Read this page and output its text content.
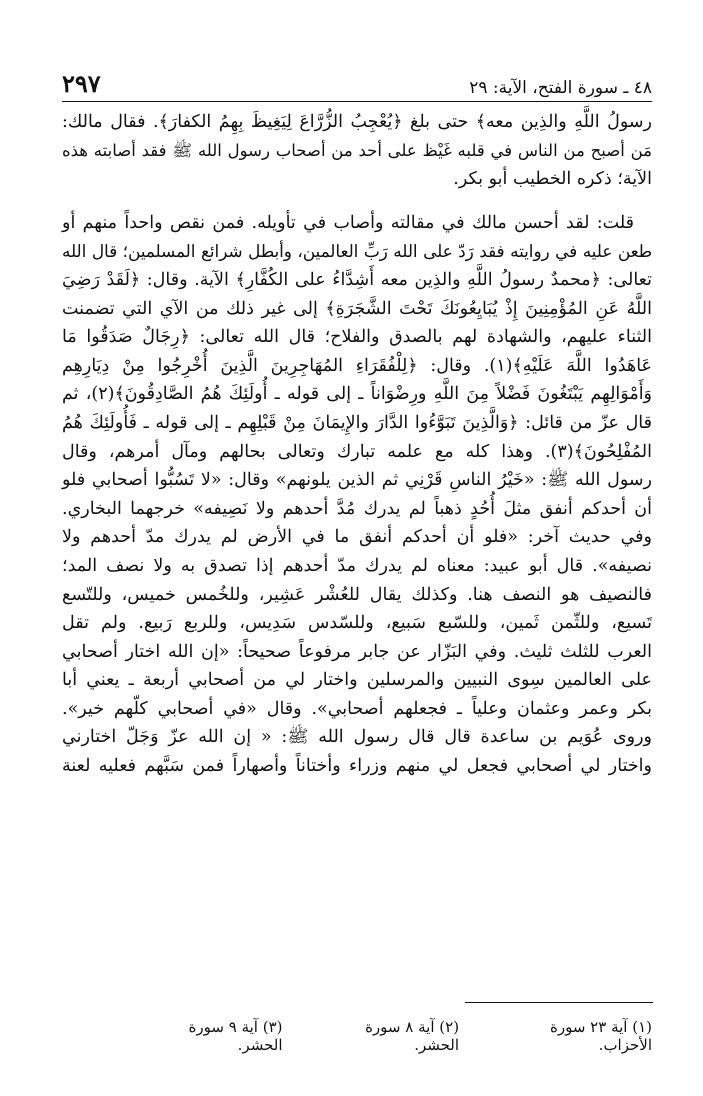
٢٩٧	٤٨ ـ سورة الفتح، الآية: ٢٩

رسولُ اللَّهِ والذِين معه﴾ حتى بلغ ﴿يُعْجِبُ الزُّرَّاعَ لِيَغِيظَ بِهِمُ الكفارَ﴾. فقال مالك:
مَن أصبح من الناس في قلبه غَيْظ على أحد من أصحاب رسول الله ﷺ فقد أصابته هذه
الآية؛ ذكره الخطيب أبو بكر.

قلت: لقد أحسن مالك في مقالته وأصاب في تأويله. فمن نقص واحداً منهم أو
طعن عليه في روايته فقد رَدّ على الله رَبِّ العالمين، وأبطل شرائع المسلمين؛ قال الله
تعالى: ﴿محمدٌ رسولُ اللَّهِ والذِين معه أَشِدَّاءُ على الكُفَّارِ﴾ الآية. وقال: ﴿لَقَدْ رَضِيَ
اللَّهُ عَنِ المُؤْمِنِينَ إِذْ يُبَايِعُونَكَ تَحْتَ الشَّجَرَةِ﴾ إلى غير ذلك من الآي التي تضمنت
الثناء عليهم، والشهادة لهم بالصدق والفلاح؛ قال الله تعالى: ﴿رِجَالٌ صَدَقُوا مَا
عَاهَدُوا اللَّهَ عَلَيْهِ﴾(١). وقال: ﴿لِلْفُقَرَاءِ المُهَاجِرِينَ الَّذِينَ أُخْرِجُوا مِنْ دِيَارِهِم
وَأَمْوَالِهِم يَبْتَغُونَ فَضْلاً مِنَ اللَّهِ ورِضْوَاناً ـ إلى قوله ـ أُولَئِكَ هُمُ الصَّادِقُونَ﴾(٢)، ثم
قال عزّ من قائل: ﴿وَالَّذِينَ تَبَوَّءُوا الدَّارَ والإِيمَانَ مِنْ قَبْلِهِم ـ إلى قوله ـ فَأُولَئِكَ هُمُ
المُفْلِحُونَ﴾(٣). وهذا كله مع علمه تبارك وتعالى بحالهم ومآل أمرهم، وقال
رسول الله ﷺ: «خَيْرُ الناسِ قَرْنِي ثم الذين يلونهم» وقال: «لا تَسُبُّوا أصحابي فلو
أن أحدكم أنفق مثلَ أُحُدٍ ذهباً لم يدرك مُدَّ أحدهم ولا نَصِيفه» خرجهما البخاري.
وفي حديث آخر: «فلو أن أحدكم أنفق ما في الأرض لم يدرك مدّ أحدهم ولا
نصيفه». قال أبو عبيد: معناه لم يدرك مدّ أحدهم إذا تصدق به ولا نصف المد؛
فالنصيف هو النصف هنا. وكذلك يقال للعُشْر عَشِير، وللخُمس خميس، وللتّسع
تَسيع، وللثّمن ثَمين، وللسّبع سَبيع، وللسّدس سَدِيس، وللربع رَبيع. ولم تقل
العرب للثلث ثليث. وفي البَزّار عن جابر مرفوعاً صحيحاً: «إن الله اختار أصحابي
على العالمين سِوى النبيين والمرسلين واختار لي من أصحابي أربعة ـ يعني أبا
بكر وعمر وعثمان وعلياً ـ فجعلهم أصحابي». وقال «في أصحابي كلّهم خير».
وروى عُوَيم بن ساعدة قال قال رسول الله ﷺ: « إن الله عزّ وَجَلّ اختارني
واختار لي أصحابي فجعل لي منهم وزراء وأختاناً وأصهاراً فمن سَبَّهم فعليه لعنة

(١) آية ٢٣ سورة الأحزاب.
(٢) آية ٨ سورة الحشر.
(٣) آية ٩ سورة الحشر.
